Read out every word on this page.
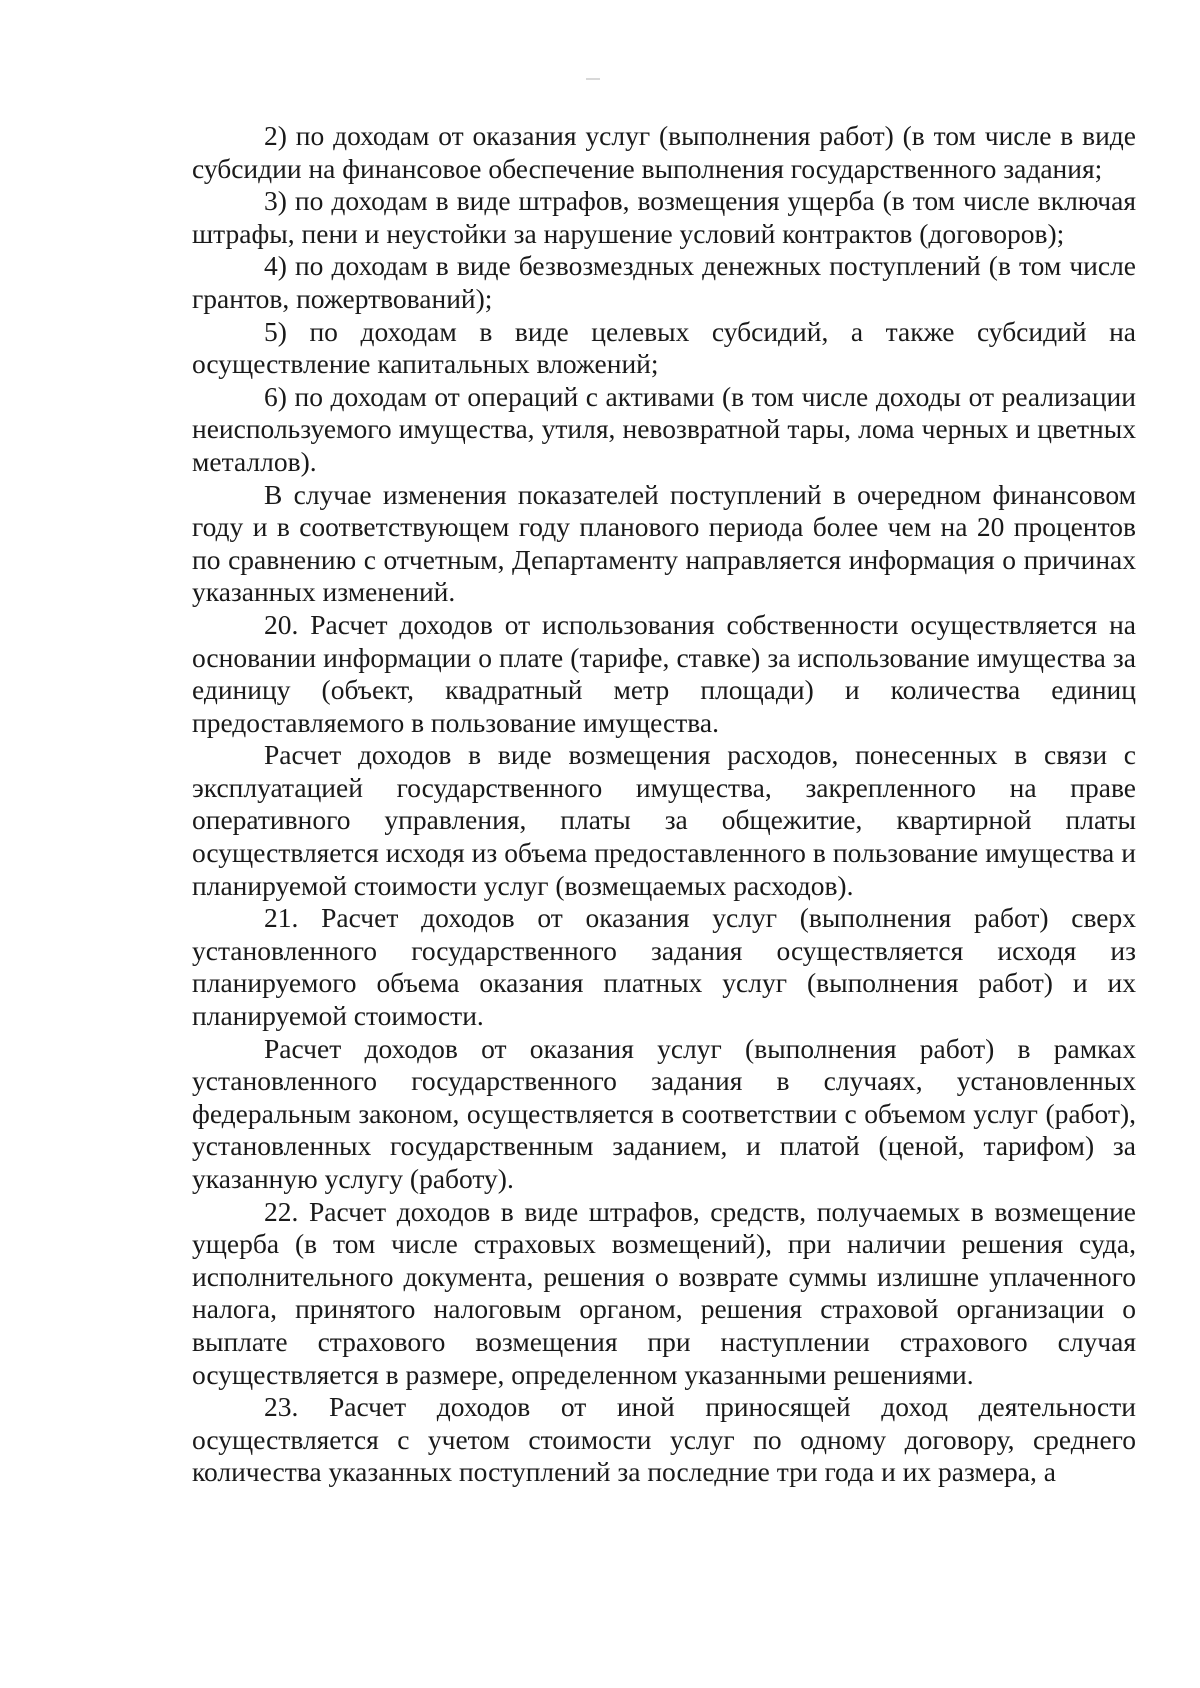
2) по доходам от оказания услуг (выполнения работ) (в том числе в виде субсидии на финансовое обеспечение выполнения государственного задания;

3) по доходам в виде штрафов, возмещения ущерба (в том числе включая штрафы, пени и неустойки за нарушение условий контрактов (договоров);

4) по доходам в виде безвозмездных денежных поступлений (в том числе грантов, пожертвований);

5) по доходам в виде целевых субсидий, а также субсидий на осуществление капитальных вложений;

6) по доходам от операций с активами (в том числе доходы от реализации неиспользуемого имущества, утиля, невозвратной тары, лома черных и цветных металлов).

В случае изменения показателей поступлений в очередном финансовом году и в соответствующем году планового периода более чем на 20 процентов по сравнению с отчетным, Департаменту направляется информация о причинах указанных изменений.

20. Расчет доходов от использования собственности осуществляется на основании информации о плате (тарифе, ставке) за использование имущества за единицу (объект, квадратный метр площади) и количества единиц предоставляемого в пользование имущества.

Расчет доходов в виде возмещения расходов, понесенных в связи с эксплуатацией государственного имущества, закрепленного на праве оперативного управления, платы за общежитие, квартирной платы осуществляется исходя из объема предоставленного в пользование имущества и планируемой стоимости услуг (возмещаемых расходов).

21. Расчет доходов от оказания услуг (выполнения работ) сверх установленного государственного задания осуществляется исходя из планируемого объема оказания платных услуг (выполнения работ) и их планируемой стоимости.

Расчет доходов от оказания услуг (выполнения работ) в рамках установленного государственного задания в случаях, установленных федеральным законом, осуществляется в соответствии с объемом услуг (работ), установленных государственным заданием, и платой (ценой, тарифом) за указанную услугу (работу).

22. Расчет доходов в виде штрафов, средств, получаемых в возмещение ущерба (в том числе страховых возмещений), при наличии решения суда, исполнительного документа, решения о возврате суммы излишне уплаченного налога, принятого налоговым органом, решения страховой организации о выплате страхового возмещения при наступлении страхового случая осуществляется в размере, определенном указанными решениями.

23. Расчет доходов от иной приносящей доход деятельности осуществляется с учетом стоимости услуг по одному договору, среднего количества указанных поступлений за последние три года и их размера, а
